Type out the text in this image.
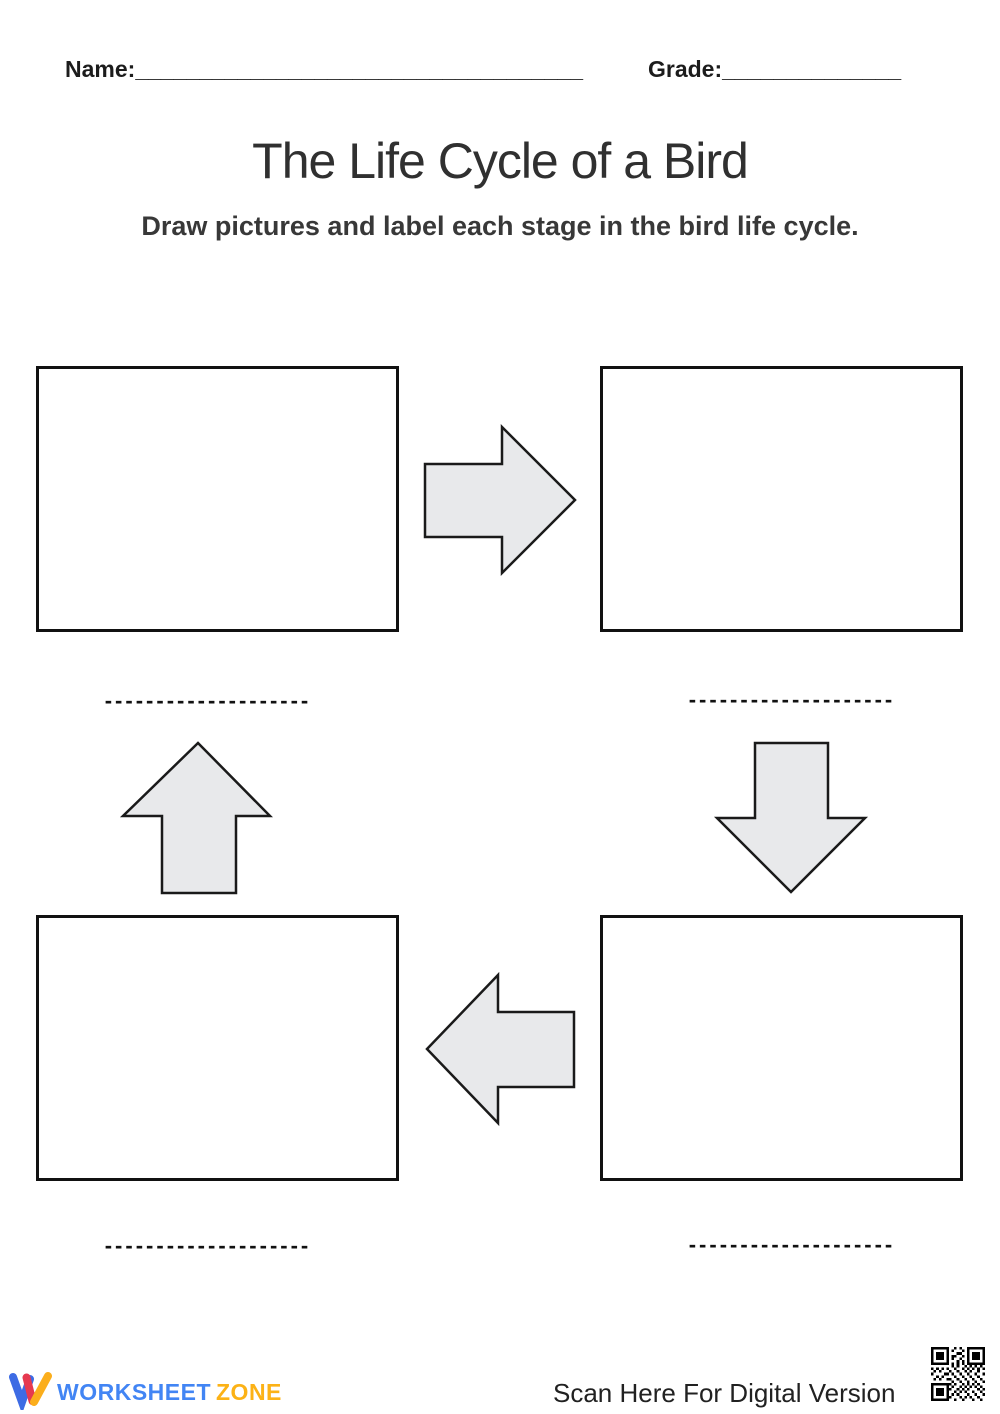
Name:___________________________________	Grade:______________
The Life Cycle of a Bird
Draw pictures and label each stage in the bird life cycle.
--------------------	--------------------
--------------------	--------------------
WORKSHEET ZONE	Scan Here For Digital Version
